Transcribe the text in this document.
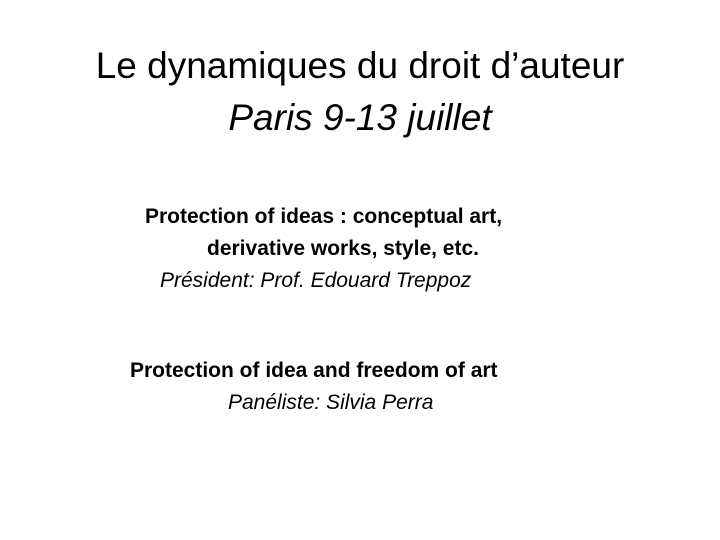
Le dynamiques du droit d’auteur
Paris 9-13 juillet
Protection of ideas : conceptual art,
derivative works, style, etc.
Président: Prof. Edouard Treppoz
Protection of idea and freedom of art
Panéliste: Silvia Perra
